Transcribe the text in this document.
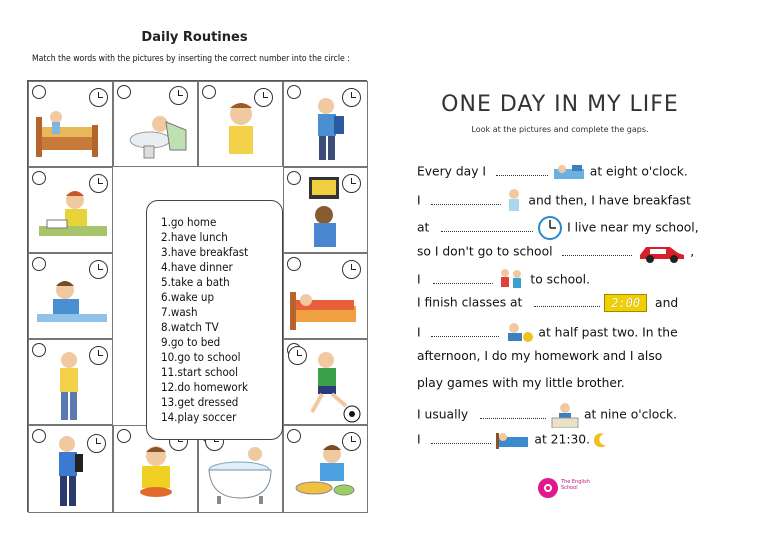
Daily Routines
Match the words with the pictures by inserting the correct number into the circle :
1.go home
2.have lunch
3.have breakfast
4.have dinner
5.take a bath
6.wake up
7.wash
8.watch TV
9.go to bed
10.go to school
11.start school
12.do homework
13.get dressed
14.play soccer
ONE DAY IN MY LIFE
Look at the pictures and complete the gaps.
Every day I	at eight o'clock.
I	and then, I have breakfast
at	I live near my school,
so I don't go to school	,
I	to school.
I finish classes at	2:00 and
I	at half past two. In the
afternoon, I do my homework and I also
play games with my little brother.
I usually	at nine o'clock.
I	at 21:30.
The English School
